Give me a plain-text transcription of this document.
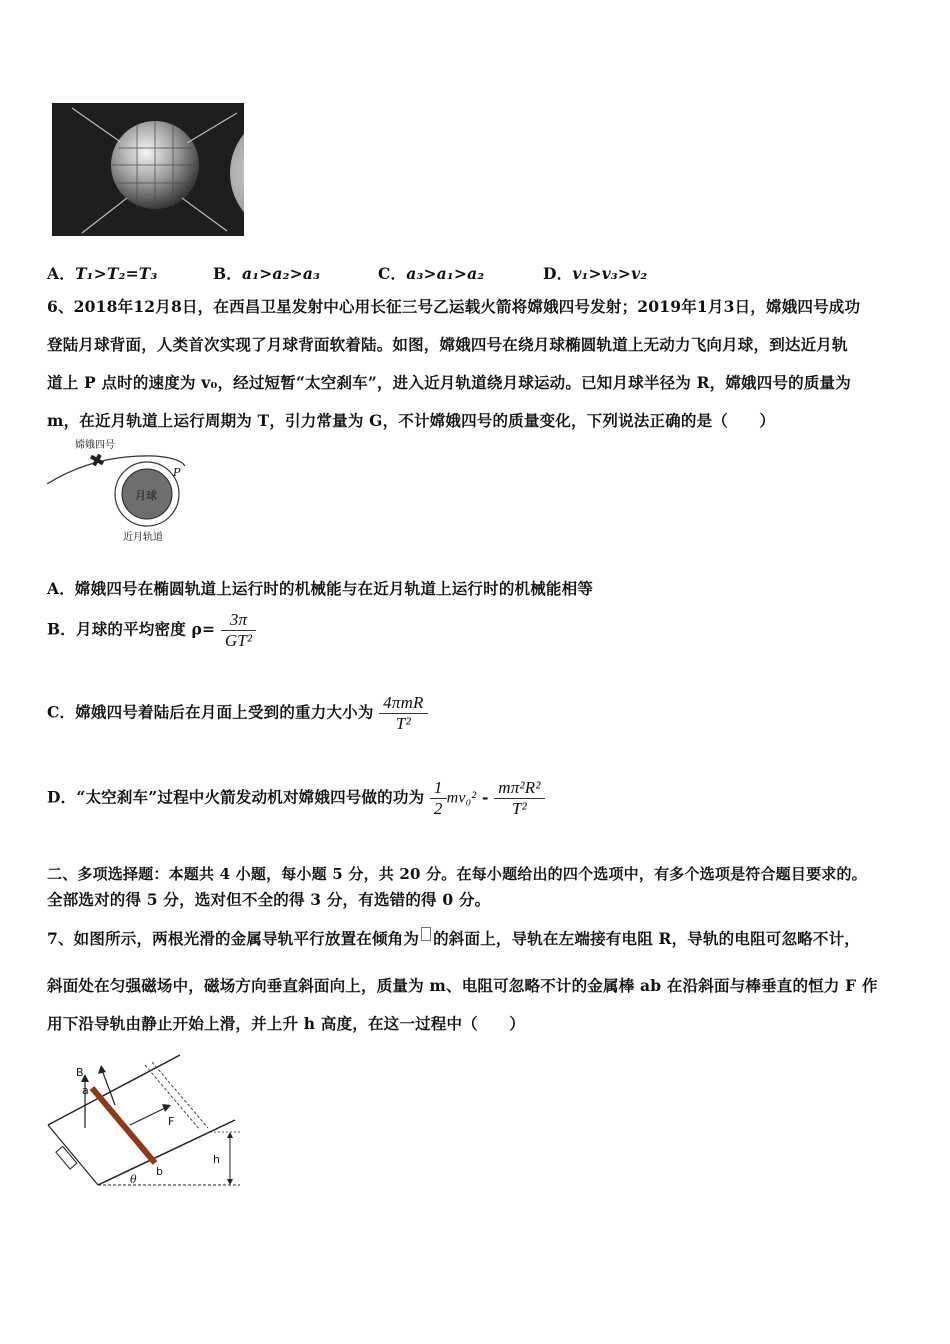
A．T₁>T₂=T₃	B．a₁>a₂>a₃	C．a₃>a₁>a₂	D．v₁>v₃>v₂
6、2018年12月8日，在西昌卫星发射中心用长征三号乙运载火箭将嫦娥四号发射；2019年1月3日，嫦娥四号成功
登陆月球背面，人类首次实现了月球背面软着陆。如图，嫦娥四号在绕月球椭圆轨道上无动力飞向月球，到达近月轨
道上 P 点时的速度为 v₀，经过短暂“太空刹车”，进入近月轨道绕月球运动。已知月球半径为 R，嫦娥四号的质量为
m，在近月轨道上运行周期为 T，引力常量为 G，不计嫦娥四号的质量变化，下列说法正确的是（　　）
月球
P
嫦娥四号
近月轨道
A．嫦娥四号在椭圆轨道上运行时的机械能与在近月轨道上运行时的机械能相等
B．月球的平均密度 $\rho= \frac{3\pi}{\text{GT²}}$
C．嫦娥四号着陆后在月面上受到的重力大小为 $\frac{\text{4πmR}}{\text{T²}}$
D．“太空刹车”过程中火箭发动机对嫦娥四号做的功为 $\frac{1}{2} mv_0^2 - \frac{\text{mπ²R²}}{\text{T²}}$
二、多项选择题：本题共 4 小题，每小题 5 分，共 20 分。在每小题给出的四个选项中，有多个选项是符合题目要求的。
全部选对的得 5 分，选对但不全的得 3 分，有选错的得 0 分。
7、如图所示，两根光滑的金属导轨平行放置在倾角为 的斜面上，导轨在左端接有电阻 R，导轨的电阻可忽略不计，
斜面处在匀强磁场中，磁场方向垂直斜面向上，质量为 m、电阻可忽略不计的金属棒 ab 在沿斜面与棒垂直的恒力 F 作
用下沿导轨由静止开始上滑，并上升 h 高度，在这一过程中（　　）
B
a
F
h
b
θ
